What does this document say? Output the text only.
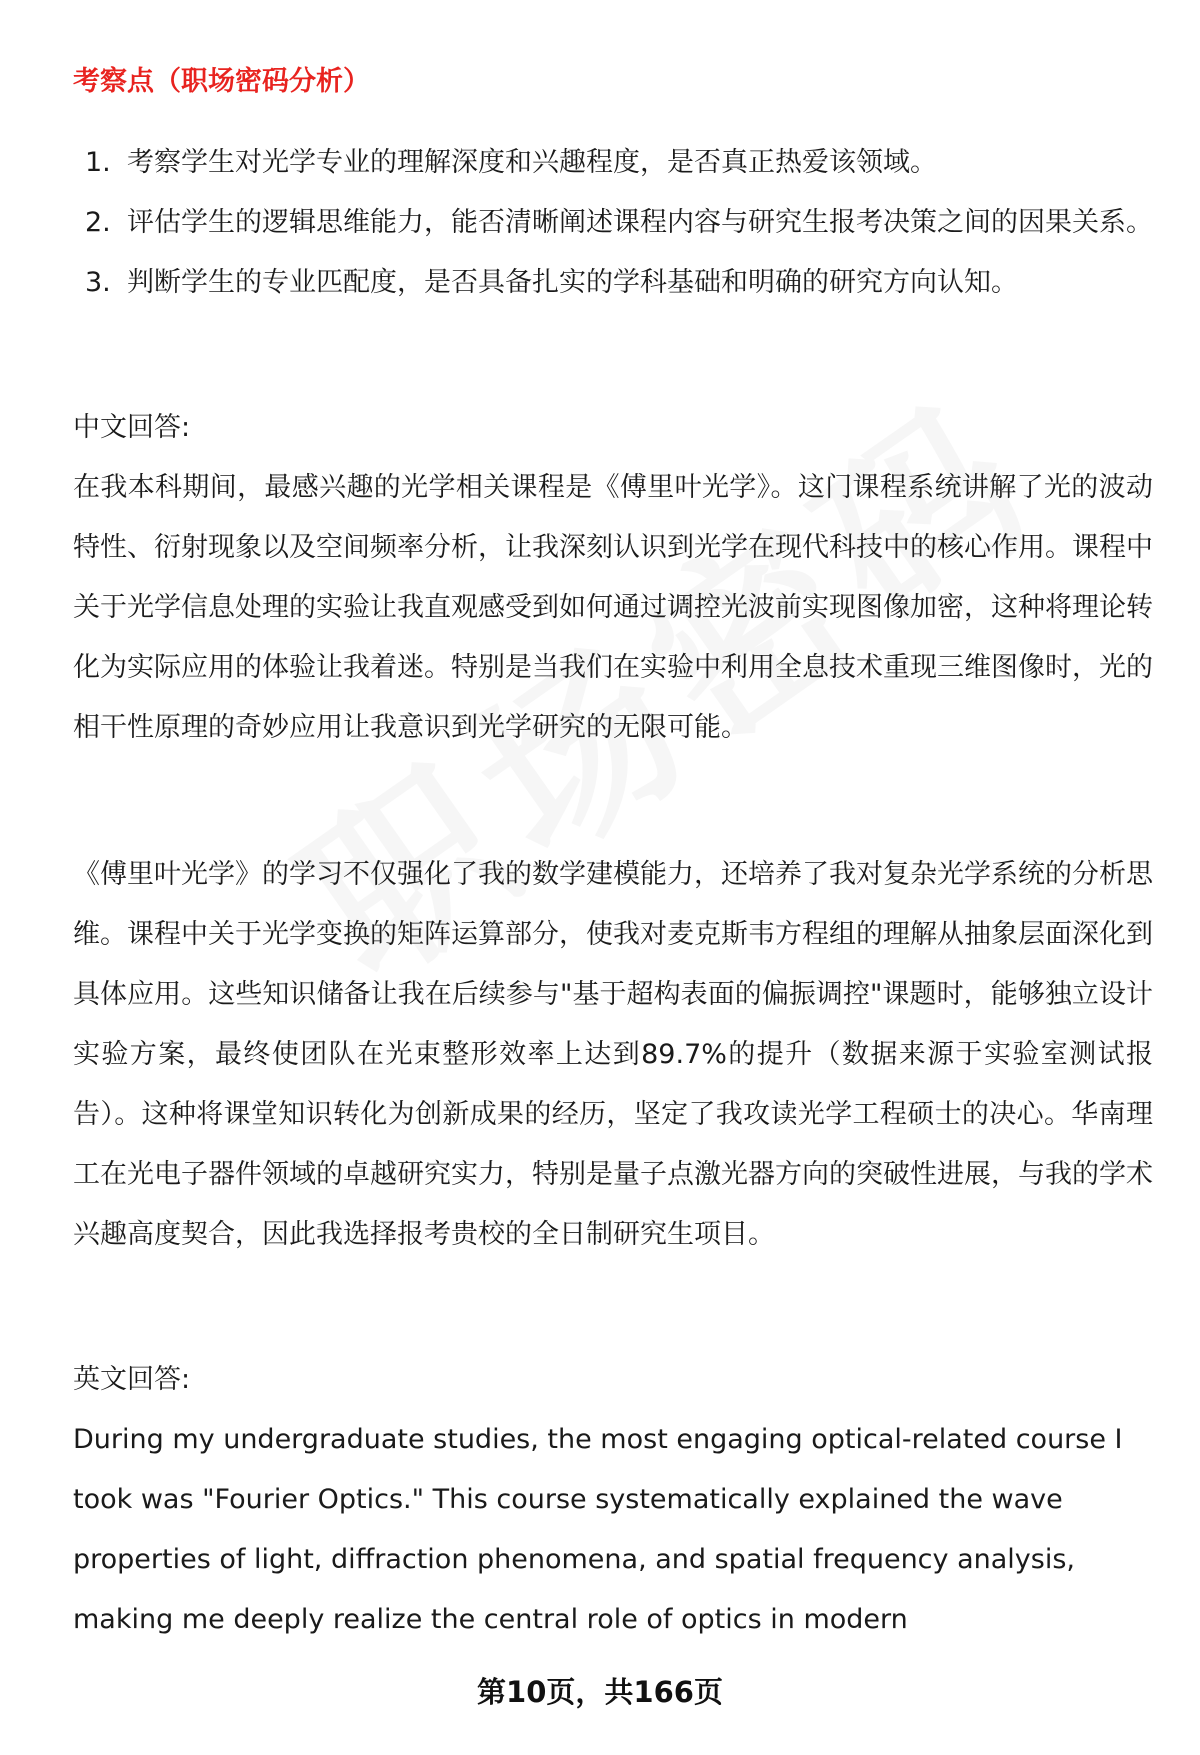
考察点（职场密码分析）
1. 考察学生对光学专业的理解深度和兴趣程度，是否真正热爱该领域。
2. 评估学生的逻辑思维能力，能否清晰阐述课程内容与研究生报考决策之间的因果关系。
3. 判断学生的专业匹配度，是否具备扎实的学科基础和明确的研究方向认知。
中文回答:

在我本科期间，最感兴趣的光学相关课程是《傅里叶光学》。这门课程系统讲解了光的波动特性、衍射现象以及空间频率分析，让我深刻认识到光学在现代科技中的核心作用。课程中关于光学信息处理的实验让我直观感受到如何通过调控光波前实现图像加密，这种将理论转化为实际应用的体验让我着迷。特别是当我们在实验中利用全息技术重现三维图像时，光的相干性原理的奇妙应用让我意识到光学研究的无限可能。

《傅里叶光学》的学习不仅强化了我的数学建模能力，还培养了我对复杂光学系统的分析思维。课程中关于光学变换的矩阵运算部分，使我对麦克斯韦方程组的理解从抽象层面深化到具体应用。这些知识储备让我在后续参与"基于超构表面的偏振调控"课题时，能够独立设计实验方案，最终使团队在光束整形效率上达到89.7%的提升（数据来源于实验室测试报告）。这种将课堂知识转化为创新成果的经历，坚定了我攻读光学工程硕士的决心。华南理工在光电子器件领域的卓越研究实力，特别是量子点激光器方向的突破性进展，与我的学术兴趣高度契合，因此我选择报考贵校的全日制研究生项目。

英文回答:

During my undergraduate studies, the most engaging optical-related course I took was "Fourier Optics." This course systematically explained the wave properties of light, diffraction phenomena, and spatial frequency analysis, making me deeply realize the central role of optics in modern

第10页，共166页
